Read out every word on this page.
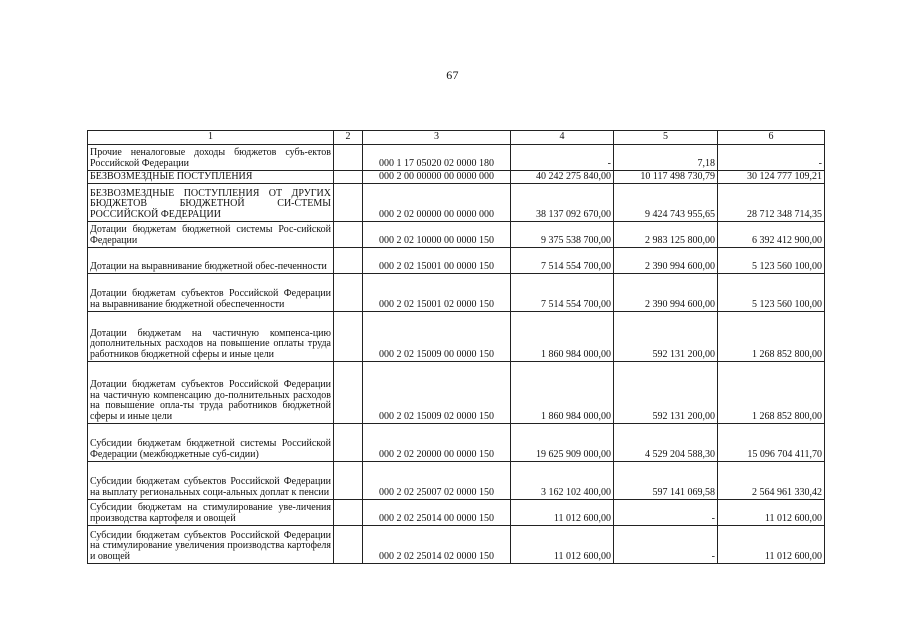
67
1	2	3	4	5	6
Прочие неналоговые доходы бюджетов субъ-ектов Российской Федерации		000 1 17 05020 02 0000 180	-	7,18	-
БЕЗВОЗМЕЗДНЫЕ ПОСТУПЛЕНИЯ		000 2 00 00000 00 0000 000	40 242 275 840,00	10 117 498 730,79	30 124 777 109,21
БЕЗВОЗМЕЗДНЫЕ ПОСТУПЛЕНИЯ ОТ ДРУГИХ БЮДЖЕТОВ БЮДЖЕТНОЙ СИ-СТЕМЫ РОССИЙСКОЙ ФЕДЕРАЦИИ		000 2 02 00000 00 0000 000	38 137 092 670,00	9 424 743 955,65	28 712 348 714,35
Дотации бюджетам бюджетной системы Рос-сийской Федерации		000 2 02 10000 00 0000 150	9 375 538 700,00	2 983 125 800,00	6 392 412 900,00
Дотации на выравнивание бюджетной обес-печенности		000 2 02 15001 00 0000 150	7 514 554 700,00	2 390 994 600,00	5 123 560 100,00
Дотации бюджетам субъектов Российской Федерации на выравнивание бюджетной обеспеченности		000 2 02 15001 02 0000 150	7 514 554 700,00	2 390 994 600,00	5 123 560 100,00
Дотации бюджетам на частичную компенса-цию дополнительных расходов на повышение оплаты труда работников бюджетной сферы и иные цели		000 2 02 15009 00 0000 150	1 860 984 000,00	592 131 200,00	1 268 852 800,00
Дотации бюджетам субъектов Российской Федерации на частичную компенсацию до-полнительных расходов на повышение опла-ты труда работников бюджетной сферы и иные цели		000 2 02 15009 02 0000 150	1 860 984 000,00	592 131 200,00	1 268 852 800,00
Субсидии бюджетам бюджетной системы Российской Федерации (межбюджетные суб-сидии)		000 2 02 20000 00 0000 150	19 625 909 000,00	4 529 204 588,30	15 096 704 411,70
Субсидии бюджетам субъектов Российской Федерации на выплату региональных соци-альных доплат к пенсии		000 2 02 25007 02 0000 150	3 162 102 400,00	597 141 069,58	2 564 961 330,42
Субсидии бюджетам на стимулирование уве-личения производства картофеля и овощей		000 2 02 25014 00 0000 150	11 012 600,00	-	11 012 600,00
Субсидии бюджетам субъектов Российской Федерации на стимулирование увеличения производства картофеля и овощей		000 2 02 25014 02 0000 150	11 012 600,00	-	11 012 600,00
